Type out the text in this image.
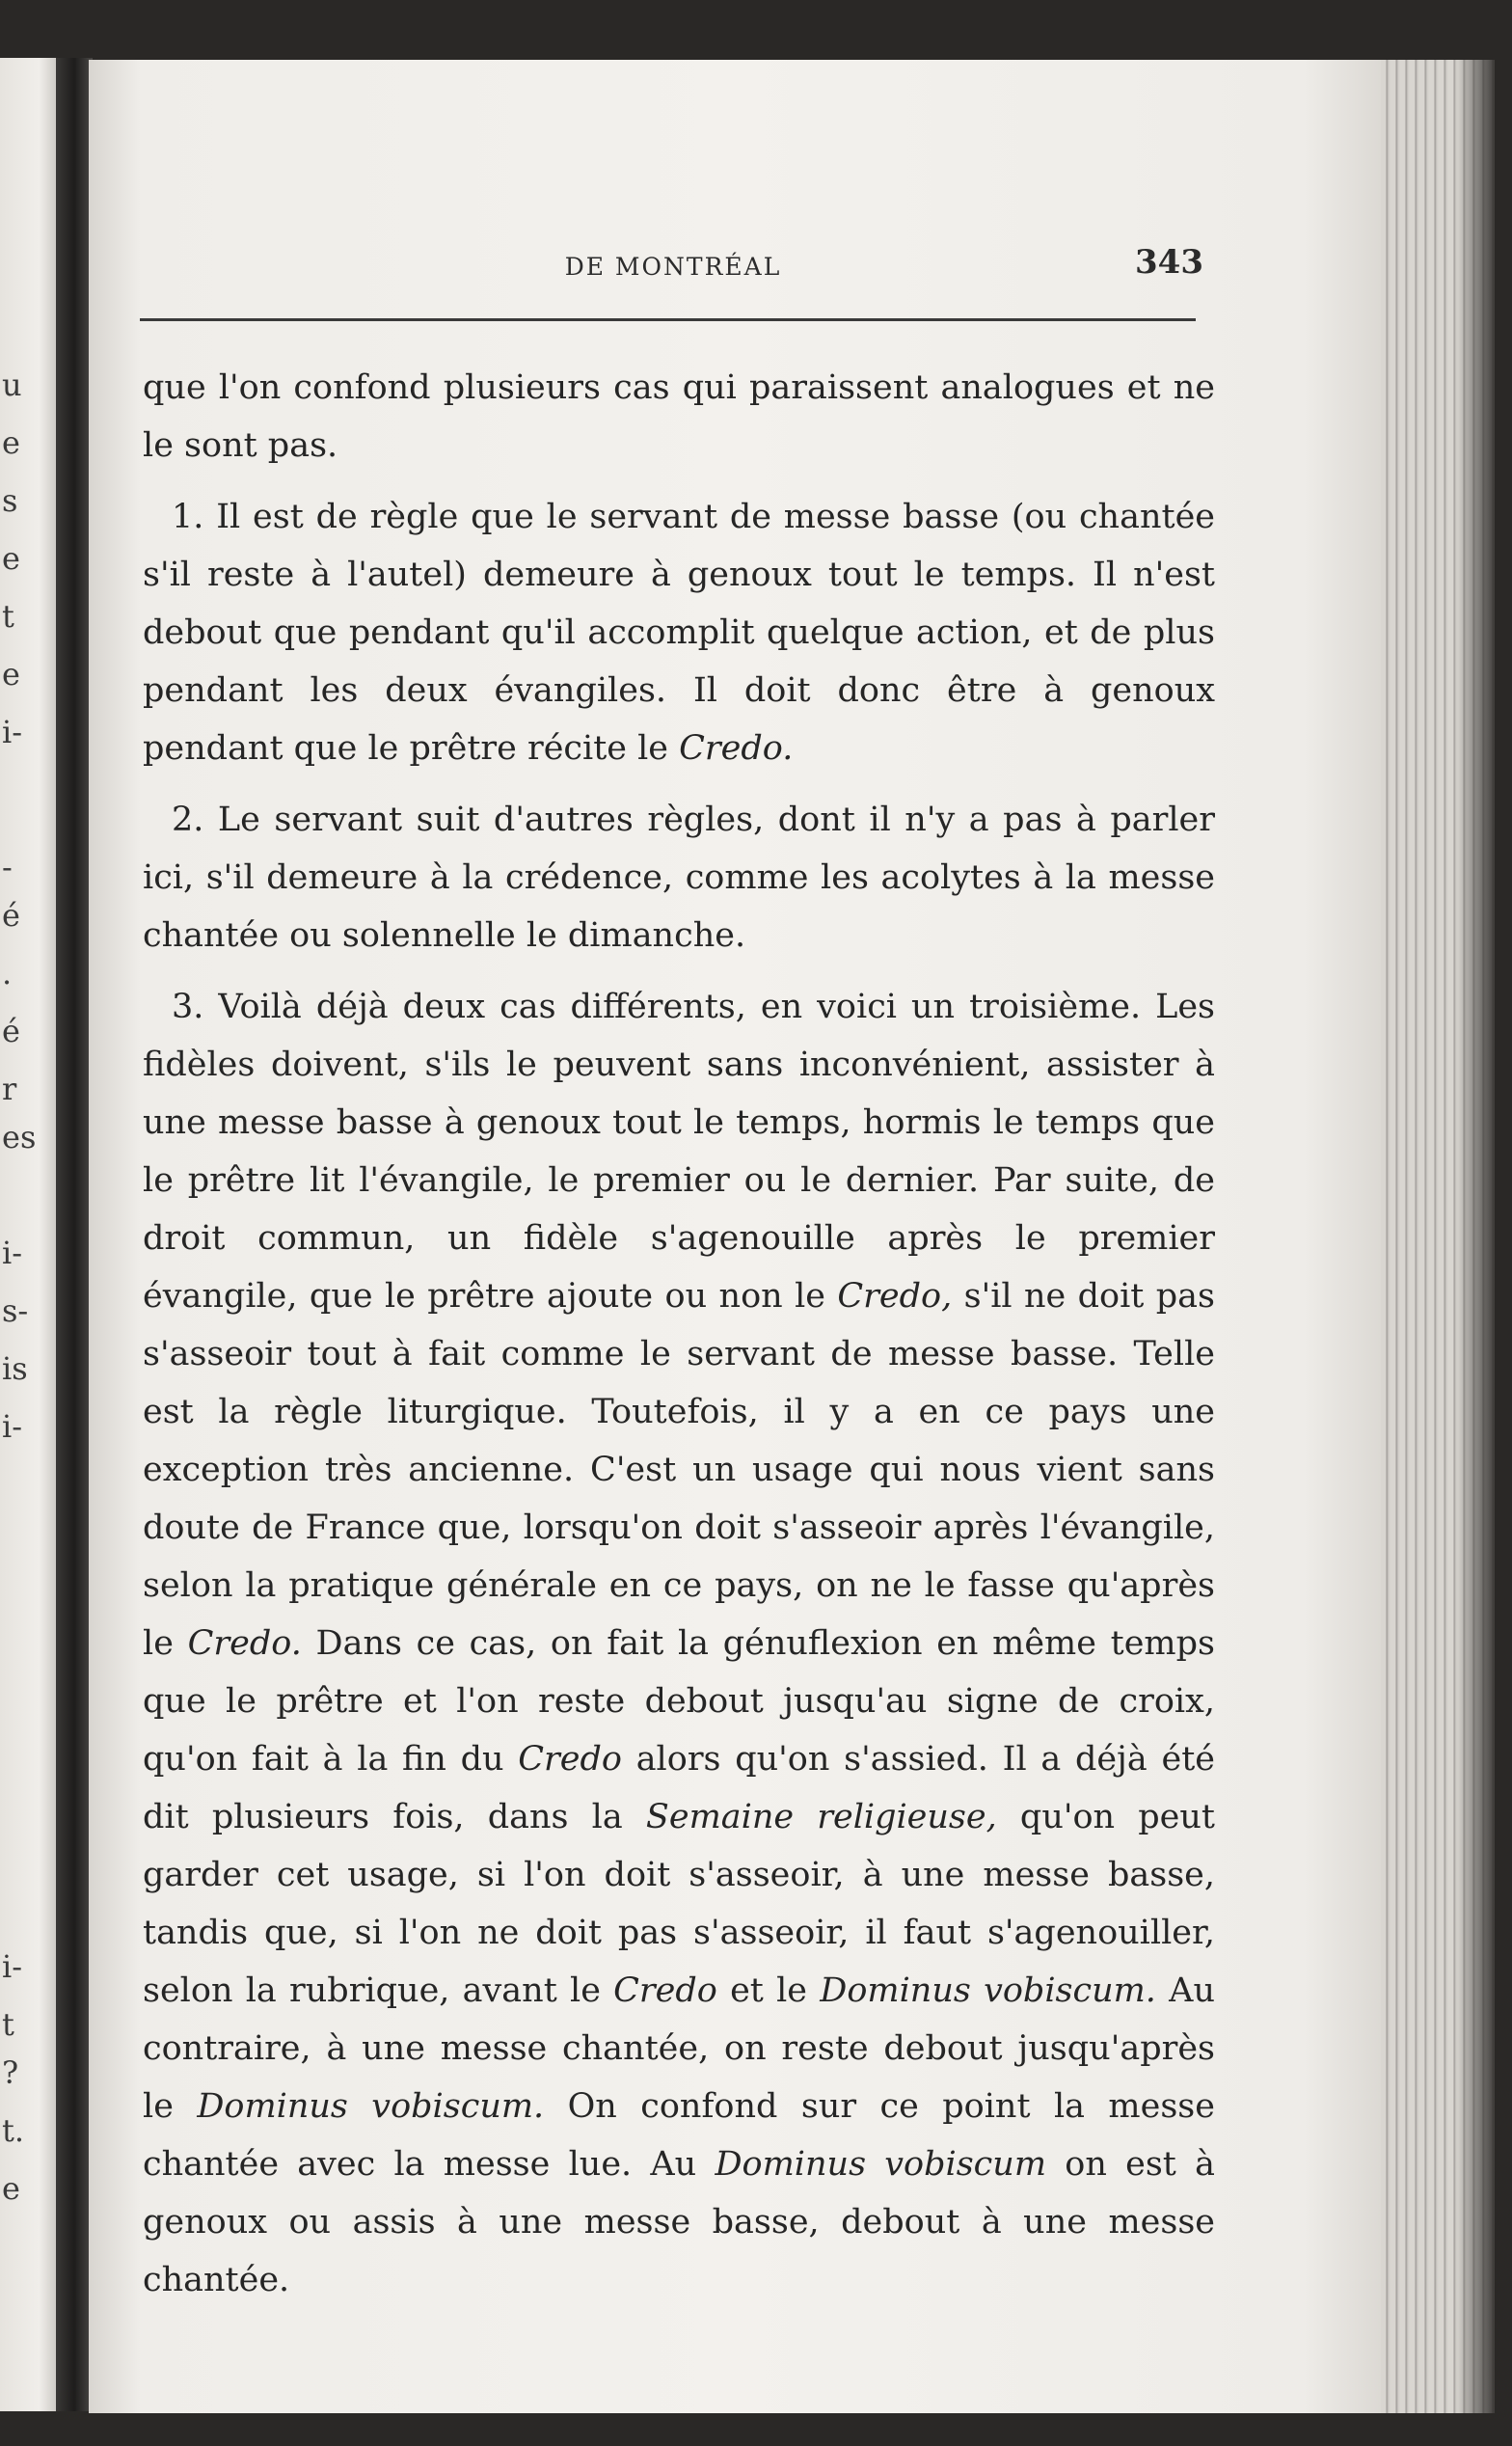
u
e
s
e
t
e
i-
-
é
.
é
r
es
i-
s-
is
i-
i-
t
?
t.
e
DE MONTRÉAL	343

que l'on confond plusieurs cas qui paraissent analogues et ne le sont pas.

1. Il est de règle que le servant de messe basse (ou chantée s'il reste à l'autel) demeure à genoux tout le temps. Il n'est debout que pendant qu'il accomplit quelque action, et de plus pendant les deux évangiles. Il doit donc être à genoux pendant que le prêtre récite le Credo.

2. Le servant suit d'autres règles, dont il n'y a pas à parler ici, s'il demeure à la crédence, comme les acolytes à la messe chantée ou solennelle le dimanche.

3. Voilà déjà deux cas différents, en voici un troisième. Les fidèles doivent, s'ils le peuvent sans inconvénient, assister à une messe basse à genoux tout le temps, hormis le temps que le prêtre lit l'évangile, le premier ou le dernier. Par suite, de droit commun, un fidèle s'agenouille après le premier évangile, que le prêtre ajoute ou non le Credo, s'il ne doit pas s'asseoir tout à fait comme le servant de messe basse. Telle est la règle liturgique. Toutefois, il y a en ce pays une exception très ancienne. C'est un usage qui nous vient sans doute de France que, lorsqu'on doit s'asseoir après l'évangile, selon la pratique générale en ce pays, on ne le fasse qu'après le Credo. Dans ce cas, on fait la génuflexion en même temps que le prêtre et l'on reste debout jusqu'au signe de croix, qu'on fait à la fin du Credo alors qu'on s'assied. Il a déjà été dit plusieurs fois, dans la Semaine religieuse, qu'on peut garder cet usage, si l'on doit s'asseoir, à une messe basse, tandis que, si l'on ne doit pas s'asseoir, il faut s'agenouiller, selon la rubrique, avant le Credo et le Dominus vobiscum. Au contraire, à une messe chantée, on reste debout jusqu'après le Dominus vobiscum. On confond sur ce point la messe chantée avec la messe lue. Au Dominus vobiscum on est à genoux ou assis à une messe basse, debout à une messe chantée.
